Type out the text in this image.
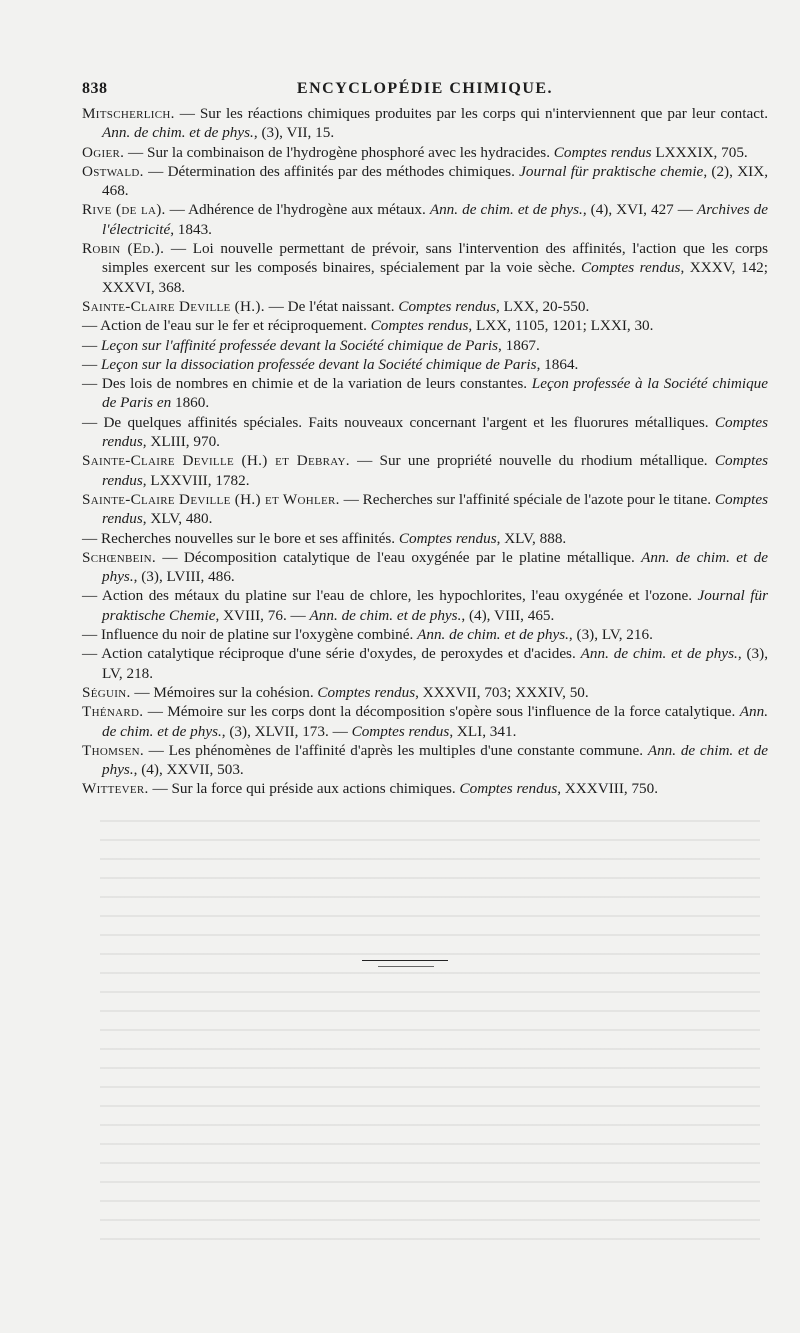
838	ENCYCLOPÉDIE CHIMIQUE.

Mitscherlich. — Sur les réactions chimiques produites par les corps qui n'interviennent que par leur contact. Ann. de chim. et de phys., (3), VII, 15.

Ogier. — Sur la combinaison de l'hydrogène phosphoré avec les hydracides. Comptes rendus LXXXIX, 705.

Ostwald. — Détermination des affinités par des méthodes chimiques. Journal für praktische chemie, (2), XIX, 468.

Rive (de la). — Adhérence de l'hydrogène aux métaux. Ann. de chim. et de phys., (4), XVI, 427 — Archives de l'électricité, 1843.

Robin (Ed.). — Loi nouvelle permettant de prévoir, sans l'intervention des affinités, l'action que les corps simples exercent sur les composés binaires, spécialement par la voie sèche. Comptes rendus, XXXV, 142; XXXVI, 368.

Sainte-Claire Deville (H.). — De l'état naissant. Comptes rendus, LXX, 20-550.

— Action de l'eau sur le fer et réciproquement. Comptes rendus, LXX, 1105, 1201; LXXI, 30.

— Leçon sur l'affinité professée devant la Société chimique de Paris, 1867.

— Leçon sur la dissociation professée devant la Société chimique de Paris, 1864.

— Des lois de nombres en chimie et de la variation de leurs constantes. Leçon professée à la Société chimique de Paris en 1860.

— De quelques affinités spéciales. Faits nouveaux concernant l'argent et les fluorures métalliques. Comptes rendus, XLIII, 970.

Sainte-Claire Deville (H.) et Debray. — Sur une propriété nouvelle du rhodium métallique. Comptes rendus, LXXVIII, 1782.

Sainte-Claire Deville (H.) et Wohler. — Recherches sur l'affinité spéciale de l'azote pour le titane. Comptes rendus, XLV, 480.

— Recherches nouvelles sur le bore et ses affinités. Comptes rendus, XLV, 888.

Schœnbein. — Décomposition catalytique de l'eau oxygénée par le platine métallique. Ann. de chim. et de phys., (3), LVIII, 486.

— Action des métaux du platine sur l'eau de chlore, les hypochlorites, l'eau oxygénée et l'ozone. Journal für praktische Chemie, XVIII, 76. — Ann. de chim. et de phys., (4), VIII, 465.

— Influence du noir de platine sur l'oxygène combiné. Ann. de chim. et de phys., (3), LV, 216.

— Action catalytique réciproque d'une série d'oxydes, de peroxydes et d'acides. Ann. de chim. et de phys., (3), LV, 218.

Séguin. — Mémoires sur la cohésion. Comptes rendus, XXXVII, 703; XXXIV, 50.

Thénard. — Mémoire sur les corps dont la décomposition s'opère sous l'influence de la force catalytique. Ann. de chim. et de phys., (3), XLVII, 173. — Comptes rendus, XLI, 341.

Thomsen. — Les phénomènes de l'affinité d'après les multiples d'une constante commune. Ann. de chim. et de phys., (4), XXVII, 503.

Wittever. — Sur la force qui préside aux actions chimiques. Comptes rendus, XXXVIII, 750.
